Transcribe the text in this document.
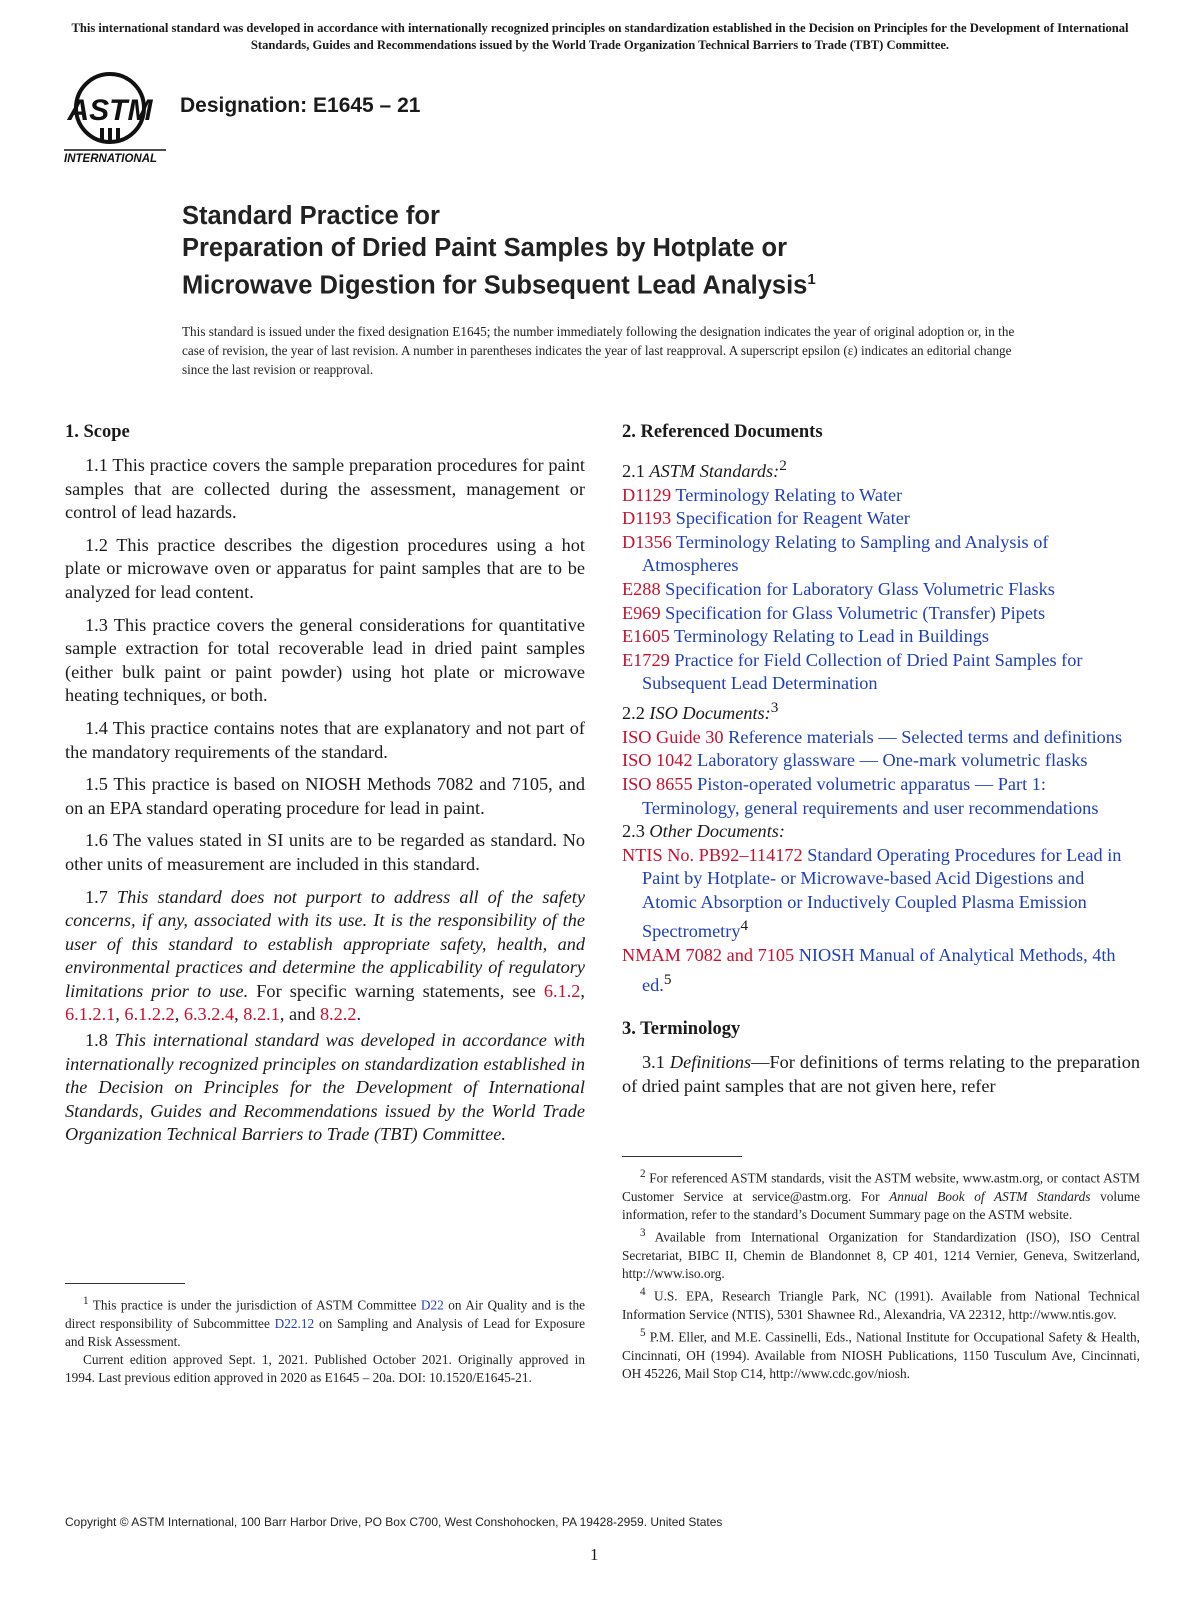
This international standard was developed in accordance with internationally recognized principles on standardization established in the Decision on Principles for the Development of International Standards, Guides and Recommendations issued by the World Trade Organization Technical Barriers to Trade (TBT) Committee.
ASTM
INTERNATIONAL
Designation: E1645 – 21
Standard Practice for
Preparation of Dried Paint Samples by Hotplate or
Microwave Digestion for Subsequent Lead Analysis$^1$
This standard is issued under the fixed designation E1645; the number immediately following the designation indicates the year of original adoption or, in the case of revision, the year of last revision. A number in parentheses indicates the year of last reapproval. A superscript epsilon (ε) indicates an editorial change since the last revision or reapproval.
1. Scope

1.1 This practice covers the sample preparation procedures for paint samples that are collected during the assessment, management or control of lead hazards.

1.2 This practice describes the digestion procedures using a hot plate or microwave oven or apparatus for paint samples that are to be analyzed for lead content.

1.3 This practice covers the general considerations for quantitative sample extraction for total recoverable lead in dried paint samples (either bulk paint or paint powder) using hot plate or microwave heating techniques, or both.

1.4 This practice contains notes that are explanatory and not part of the mandatory requirements of the standard.

1.5 This practice is based on NIOSH Methods 7082 and 7105, and on an EPA standard operating procedure for lead in paint.

1.6 The values stated in SI units are to be regarded as standard. No other units of measurement are included in this standard.

1.7 This standard does not purport to address all of the safety concerns, if any, associated with its use. It is the responsibility of the user of this standard to establish appropriate safety, health, and environmental practices and determine the applicability of regulatory limitations prior to use. For specific warning statements, see 6.1.2, 6.1.2.1, 6.1.2.2, 6.3.2.4, 8.2.1, and 8.2.2.

1.8 This international standard was developed in accordance with internationally recognized principles on standardization established in the Decision on Principles for the Development of International Standards, Guides and Recommendations issued by the World Trade Organization Technical Barriers to Trade (TBT) Committee.

$^1$ This practice is under the jurisdiction of ASTM Committee D22 on Air Quality and is the direct responsibility of Subcommittee D22.12 on Sampling and Analysis of Lead for Exposure and Risk Assessment.

Current edition approved Sept. 1, 2021. Published October 2021. Originally approved in 1994. Last previous edition approved in 2020 as E1645 – 20a. DOI: 10.1520/E1645-21.

2. Referenced Documents
2.1 ASTM Standards:$^2$
D1129 Terminology Relating to Water
D1193 Specification for Reagent Water
D1356 Terminology Relating to Sampling and Analysis of Atmospheres
E288 Specification for Laboratory Glass Volumetric Flasks
E969 Specification for Glass Volumetric (Transfer) Pipets
E1605 Terminology Relating to Lead in Buildings
E1729 Practice for Field Collection of Dried Paint Samples for Subsequent Lead Determination
2.2 ISO Documents:$^3$
ISO Guide 30 Reference materials — Selected terms and definitions
ISO 1042 Laboratory glassware — One-mark volumetric flasks
ISO 8655 Piston-operated volumetric apparatus — Part 1: Terminology, general requirements and user recommendations
2.3 Other Documents:
NTIS No. PB92–114172 Standard Operating Procedures for Lead in Paint by Hotplate- or Microwave-based Acid Digestions and Atomic Absorption or Inductively Coupled Plasma Emission Spectrometry$^4$
NMAM 7082 and 7105 NIOSH Manual of Analytical Methods, 4th ed.$^5$
3. Terminology

3.1 Definitions—For definitions of terms relating to the preparation of dried paint samples that are not given here, refer

$^2$ For referenced ASTM standards, visit the ASTM website, www.astm.org, or contact ASTM Customer Service at service@astm.org. For Annual Book of ASTM Standards volume information, refer to the standard’s Document Summary page on the ASTM website.

$^3$ Available from International Organization for Standardization (ISO), ISO Central Secretariat, BIBC II, Chemin de Blandonnet 8, CP 401, 1214 Vernier, Geneva, Switzerland, http://www.iso.org.

$^4$ U.S. EPA, Research Triangle Park, NC (1991). Available from National Technical Information Service (NTIS), 5301 Shawnee Rd., Alexandria, VA 22312, http://www.ntis.gov.

$^5$ P.M. Eller, and M.E. Cassinelli, Eds., National Institute for Occupational Safety & Health, Cincinnati, OH (1994). Available from NIOSH Publications, 1150 Tusculum Ave, Cincinnati, OH 45226, Mail Stop C14, http://www.cdc.gov/niosh.

Copyright © ASTM International, 100 Barr Harbor Drive, PO Box C700, West Conshohocken, PA 19428-2959. United States
1
